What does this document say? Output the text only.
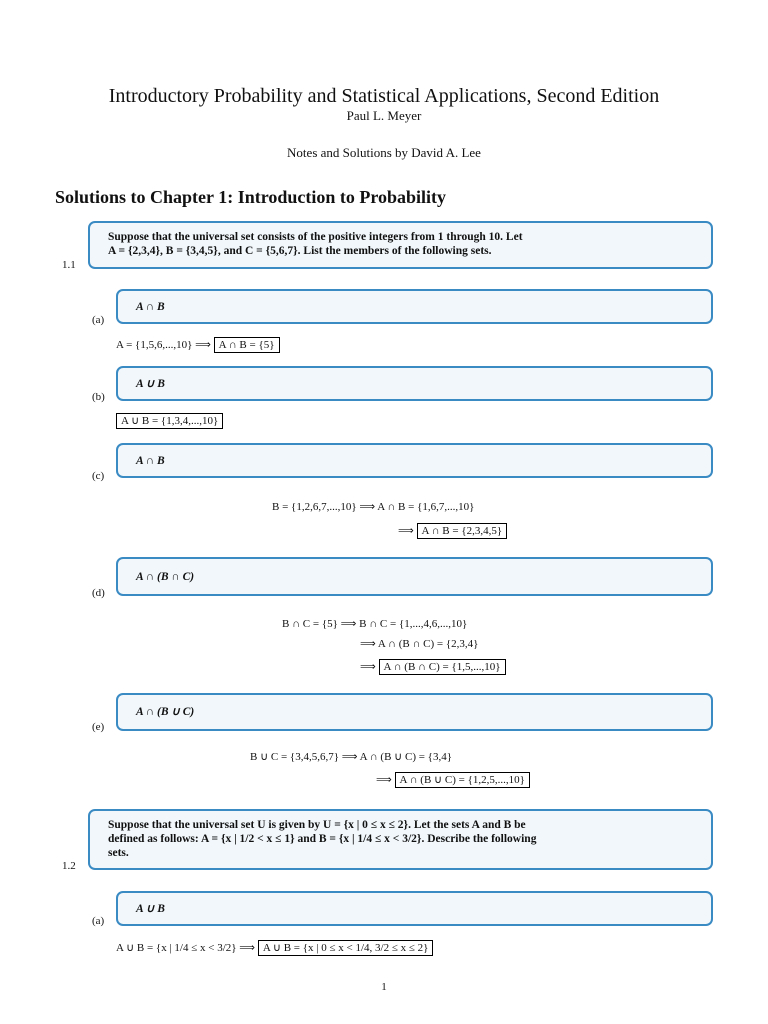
Introductory Probability and Statistical Applications, Second Edition
Paul L. Meyer
Notes and Solutions by David A. Lee
Solutions to Chapter 1: Introduction to Probability
Suppose that the universal set consists of the positive integers from 1 through 10. Let
A = {2,3,4}, B = {3,4,5}, and C = {5,6,7}. List the members of the following sets.
1.1
A ∩ B
(a)
A = {1,5,6,...,10} ⟹ A ∩ B = {5}
A ∪ B
(b)
A ∪ B = {1,3,4,...,10}
A ∩ B
(c)
B = {1,2,6,7,...,10} ⟹ A ∩ B = {1,6,7,...,10}
⟹ A ∩ B = {2,3,4,5}
A ∩ (B ∩ C)
(d)
B ∩ C = {5} ⟹ B ∩ C = {1,...,4,6,...,10}
⟹ A ∩ (B ∩ C) = {2,3,4}
⟹ A ∩ (B ∩ C) = {1,5,...,10}
A ∩ (B ∪ C)
(e)
B ∪ C = {3,4,5,6,7} ⟹ A ∩ (B ∪ C) = {3,4}
⟹ A ∩ (B ∪ C) = {1,2,5,...,10}
Suppose that the universal set U is given by U = {x | 0 ≤ x ≤ 2}. Let the sets A and B be
defined as follows: A = {x | 1/2 < x ≤ 1} and B = {x | 1/4 ≤ x < 3/2}. Describe the following
sets.
1.2
A ∪ B
(a)
A ∪ B = {x | 1/4 ≤ x < 3/2} ⟹ A ∪ B = {x | 0 ≤ x < 1/4, 3/2 ≤ x ≤ 2}
1
